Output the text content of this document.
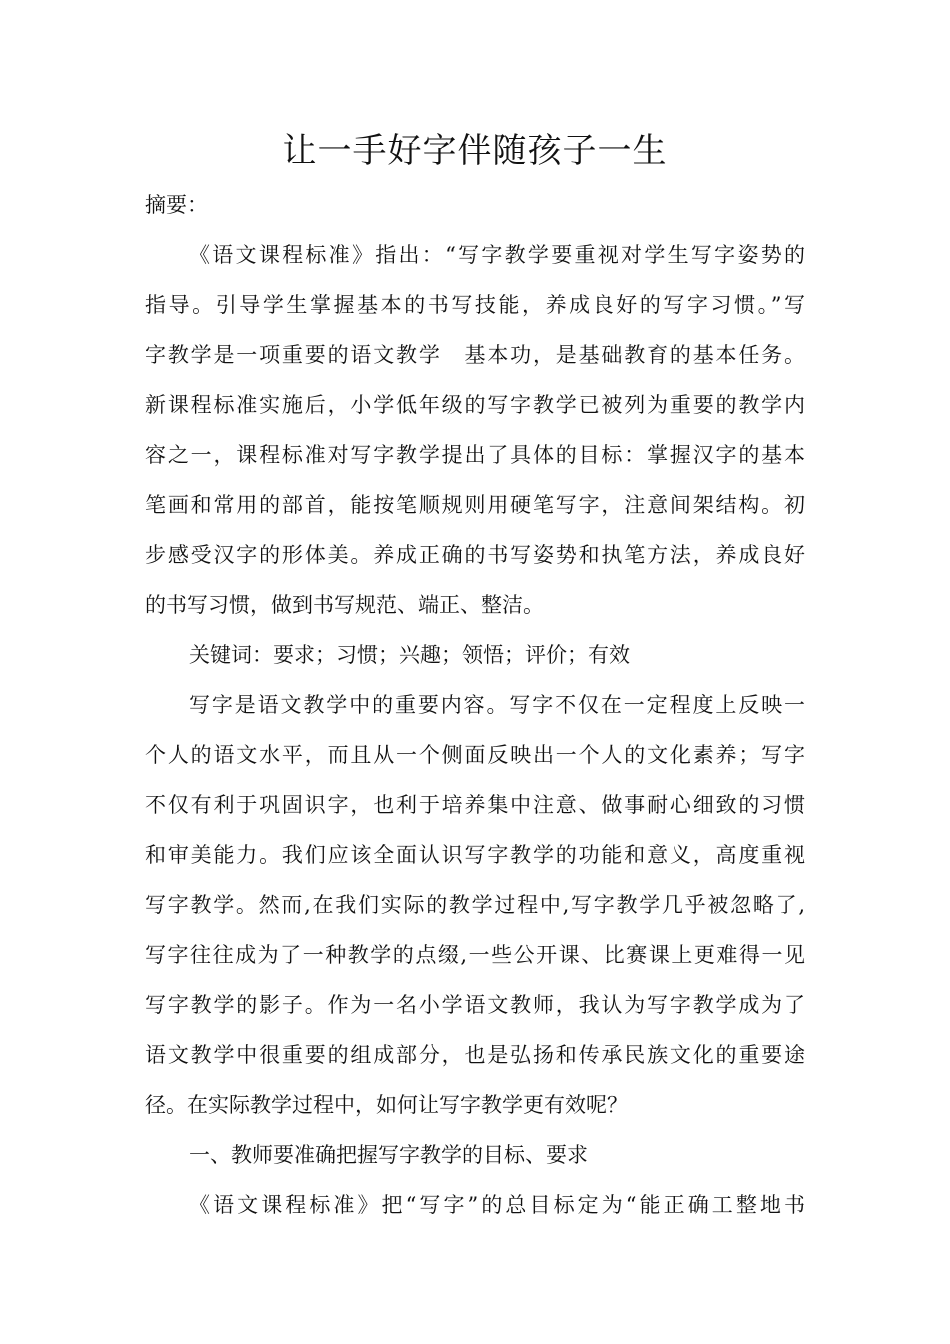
让一手好字伴随孩子一生

摘要：

《语文课程标准》指出：“写字教学要重视对学生写字姿势的

指导。引导学生掌握基本的书写技能，养成良好的写字习惯。”写

字教学是一项重要的语文教学　基本功，是基础教育的基本任务。

新课程标准实施后，小学低年级的写字教学已被列为重要的教学内

容之一，课程标准对写字教学提出了具体的目标：掌握汉字的基本

笔画和常用的部首，能按笔顺规则用硬笔写字，注意间架结构。初

步感受汉字的形体美。养成正确的书写姿势和执笔方法，养成良好

的书写习惯，做到书写规范、端正、整洁。

关键词：要求；习惯；兴趣；领悟；评价；有效

写字是语文教学中的重要内容。写字不仅在一定程度上反映一

个人的语文水平，而且从一个侧面反映出一个人的文化素养；写字

不仅有利于巩固识字，也利于培养集中注意、做事耐心细致的习惯

和审美能力。我们应该全面认识写字教学的功能和意义，高度重视

写字教学。然而,在我们实际的教学过程中,写字教学几乎被忽略了,

写字往往成为了一种教学的点缀,一些公开课、比赛课上更难得一见

写字教学的影子。作为一名小学语文教师，我认为写字教学成为了

语文教学中很重要的组成部分，也是弘扬和传承民族文化的重要途

径。在实际教学过程中，如何让写字教学更有效呢？

一、教师要准确把握写字教学的目标、要求

《语文课程标准》把“写字”的总目标定为“能正确工整地书
